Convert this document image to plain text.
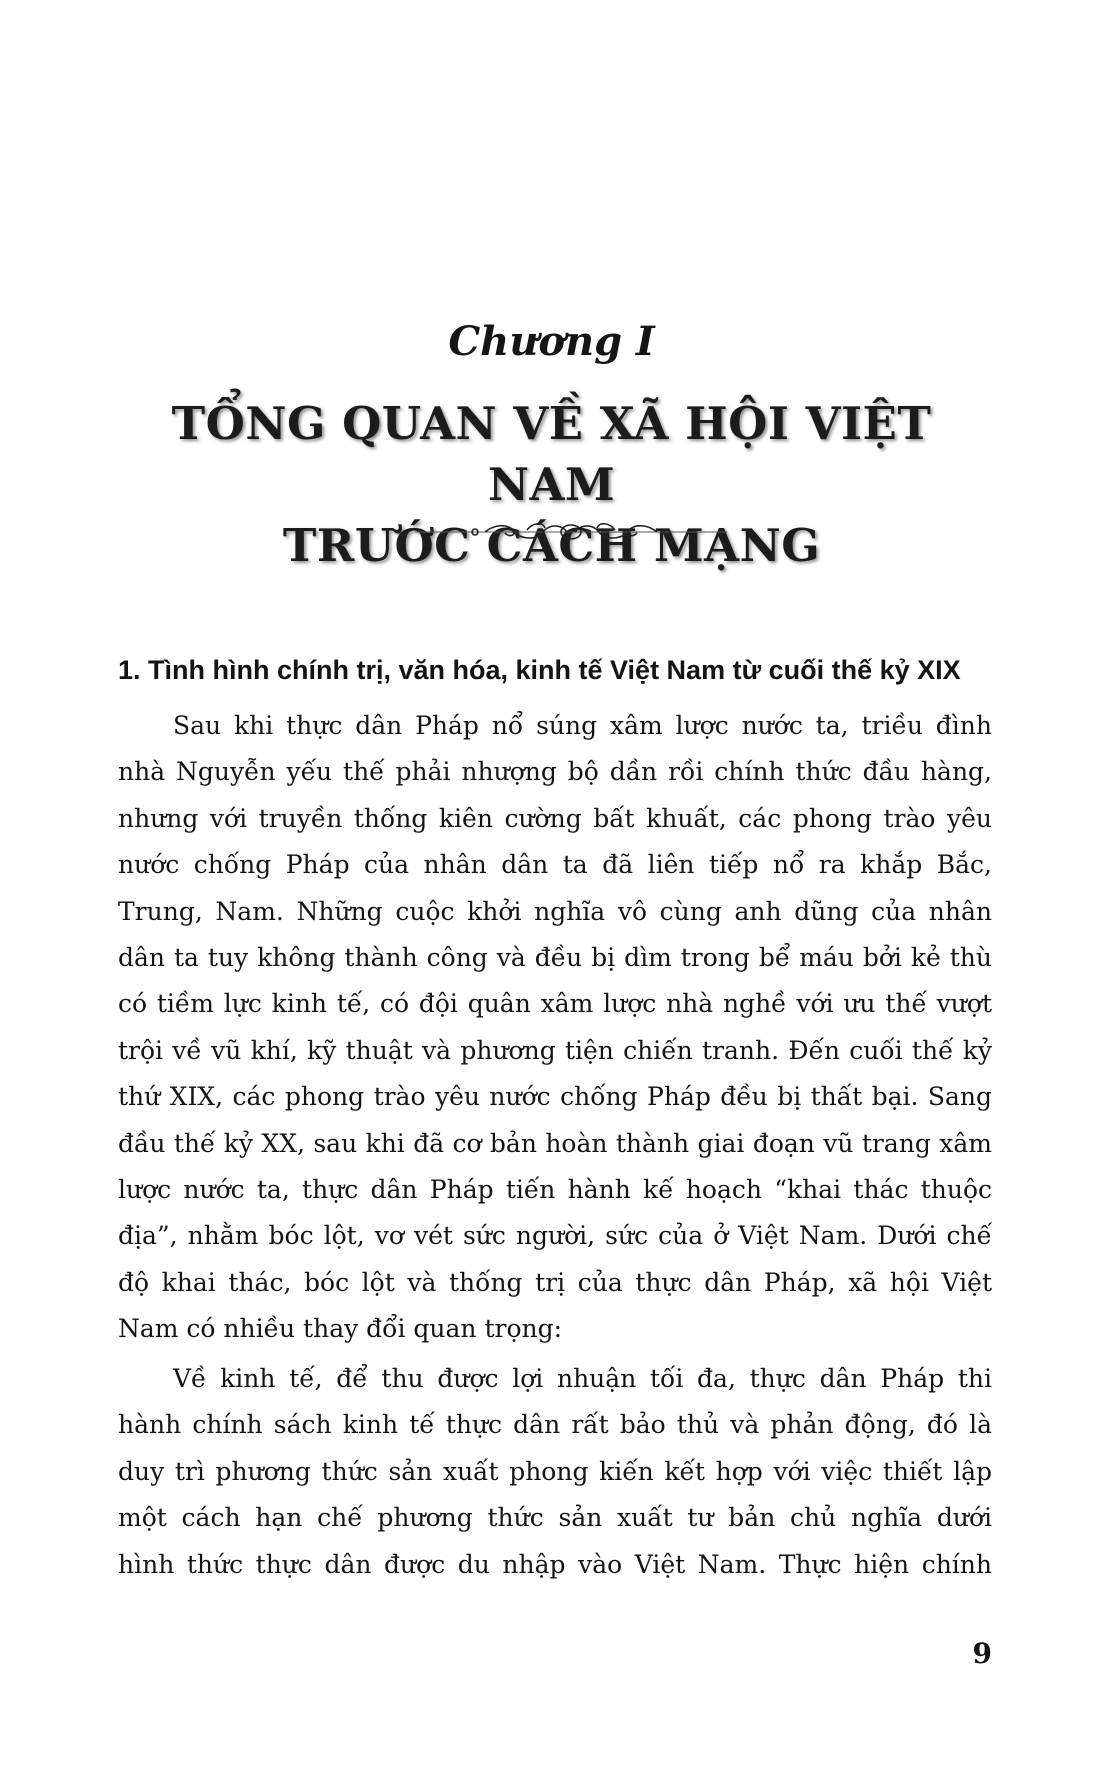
Chương I
TỔNG QUAN VỀ XÃ HỘI VIỆT NAM
TRƯỚC CÁCH MẠNG
1. Tình hình chính trị, văn hóa, kinh tế Việt Nam từ cuối thế kỷ XIX
Sau khi thực dân Pháp nổ súng xâm lược nước ta, triều đình
nhà Nguyễn yếu thế phải nhượng bộ dần rồi chính thức đầu hàng,
nhưng với truyền thống kiên cường bất khuất, các phong trào yêu
nước chống Pháp của nhân dân ta đã liên tiếp nổ ra khắp Bắc,
Trung, Nam. Những cuộc khởi nghĩa vô cùng anh dũng của nhân
dân ta tuy không thành công và đều bị dìm trong bể máu bởi kẻ thù
có tiềm lực kinh tế, có đội quân xâm lược nhà nghề với ưu thế vượt
trội về vũ khí, kỹ thuật và phương tiện chiến tranh. Đến cuối thế kỷ
thứ XIX, các phong trào yêu nước chống Pháp đều bị thất bại. Sang
đầu thế kỷ XX, sau khi đã cơ bản hoàn thành giai đoạn vũ trang xâm
lược nước ta, thực dân Pháp tiến hành kế hoạch “khai thác thuộc
địa”, nhằm bóc lột, vơ vét sức người, sức của ở Việt Nam. Dưới chế
độ khai thác, bóc lột và thống trị của thực dân Pháp, xã hội Việt
Nam có nhiều thay đổi quan trọng:
Về kinh tế, để thu được lợi nhuận tối đa, thực dân Pháp thi
hành chính sách kinh tế thực dân rất bảo thủ và phản động, đó là
duy trì phương thức sản xuất phong kiến kết hợp với việc thiết lập
một cách hạn chế phương thức sản xuất tư bản chủ nghĩa dưới
hình thức thực dân được du nhập vào Việt Nam. Thực hiện chính
9
